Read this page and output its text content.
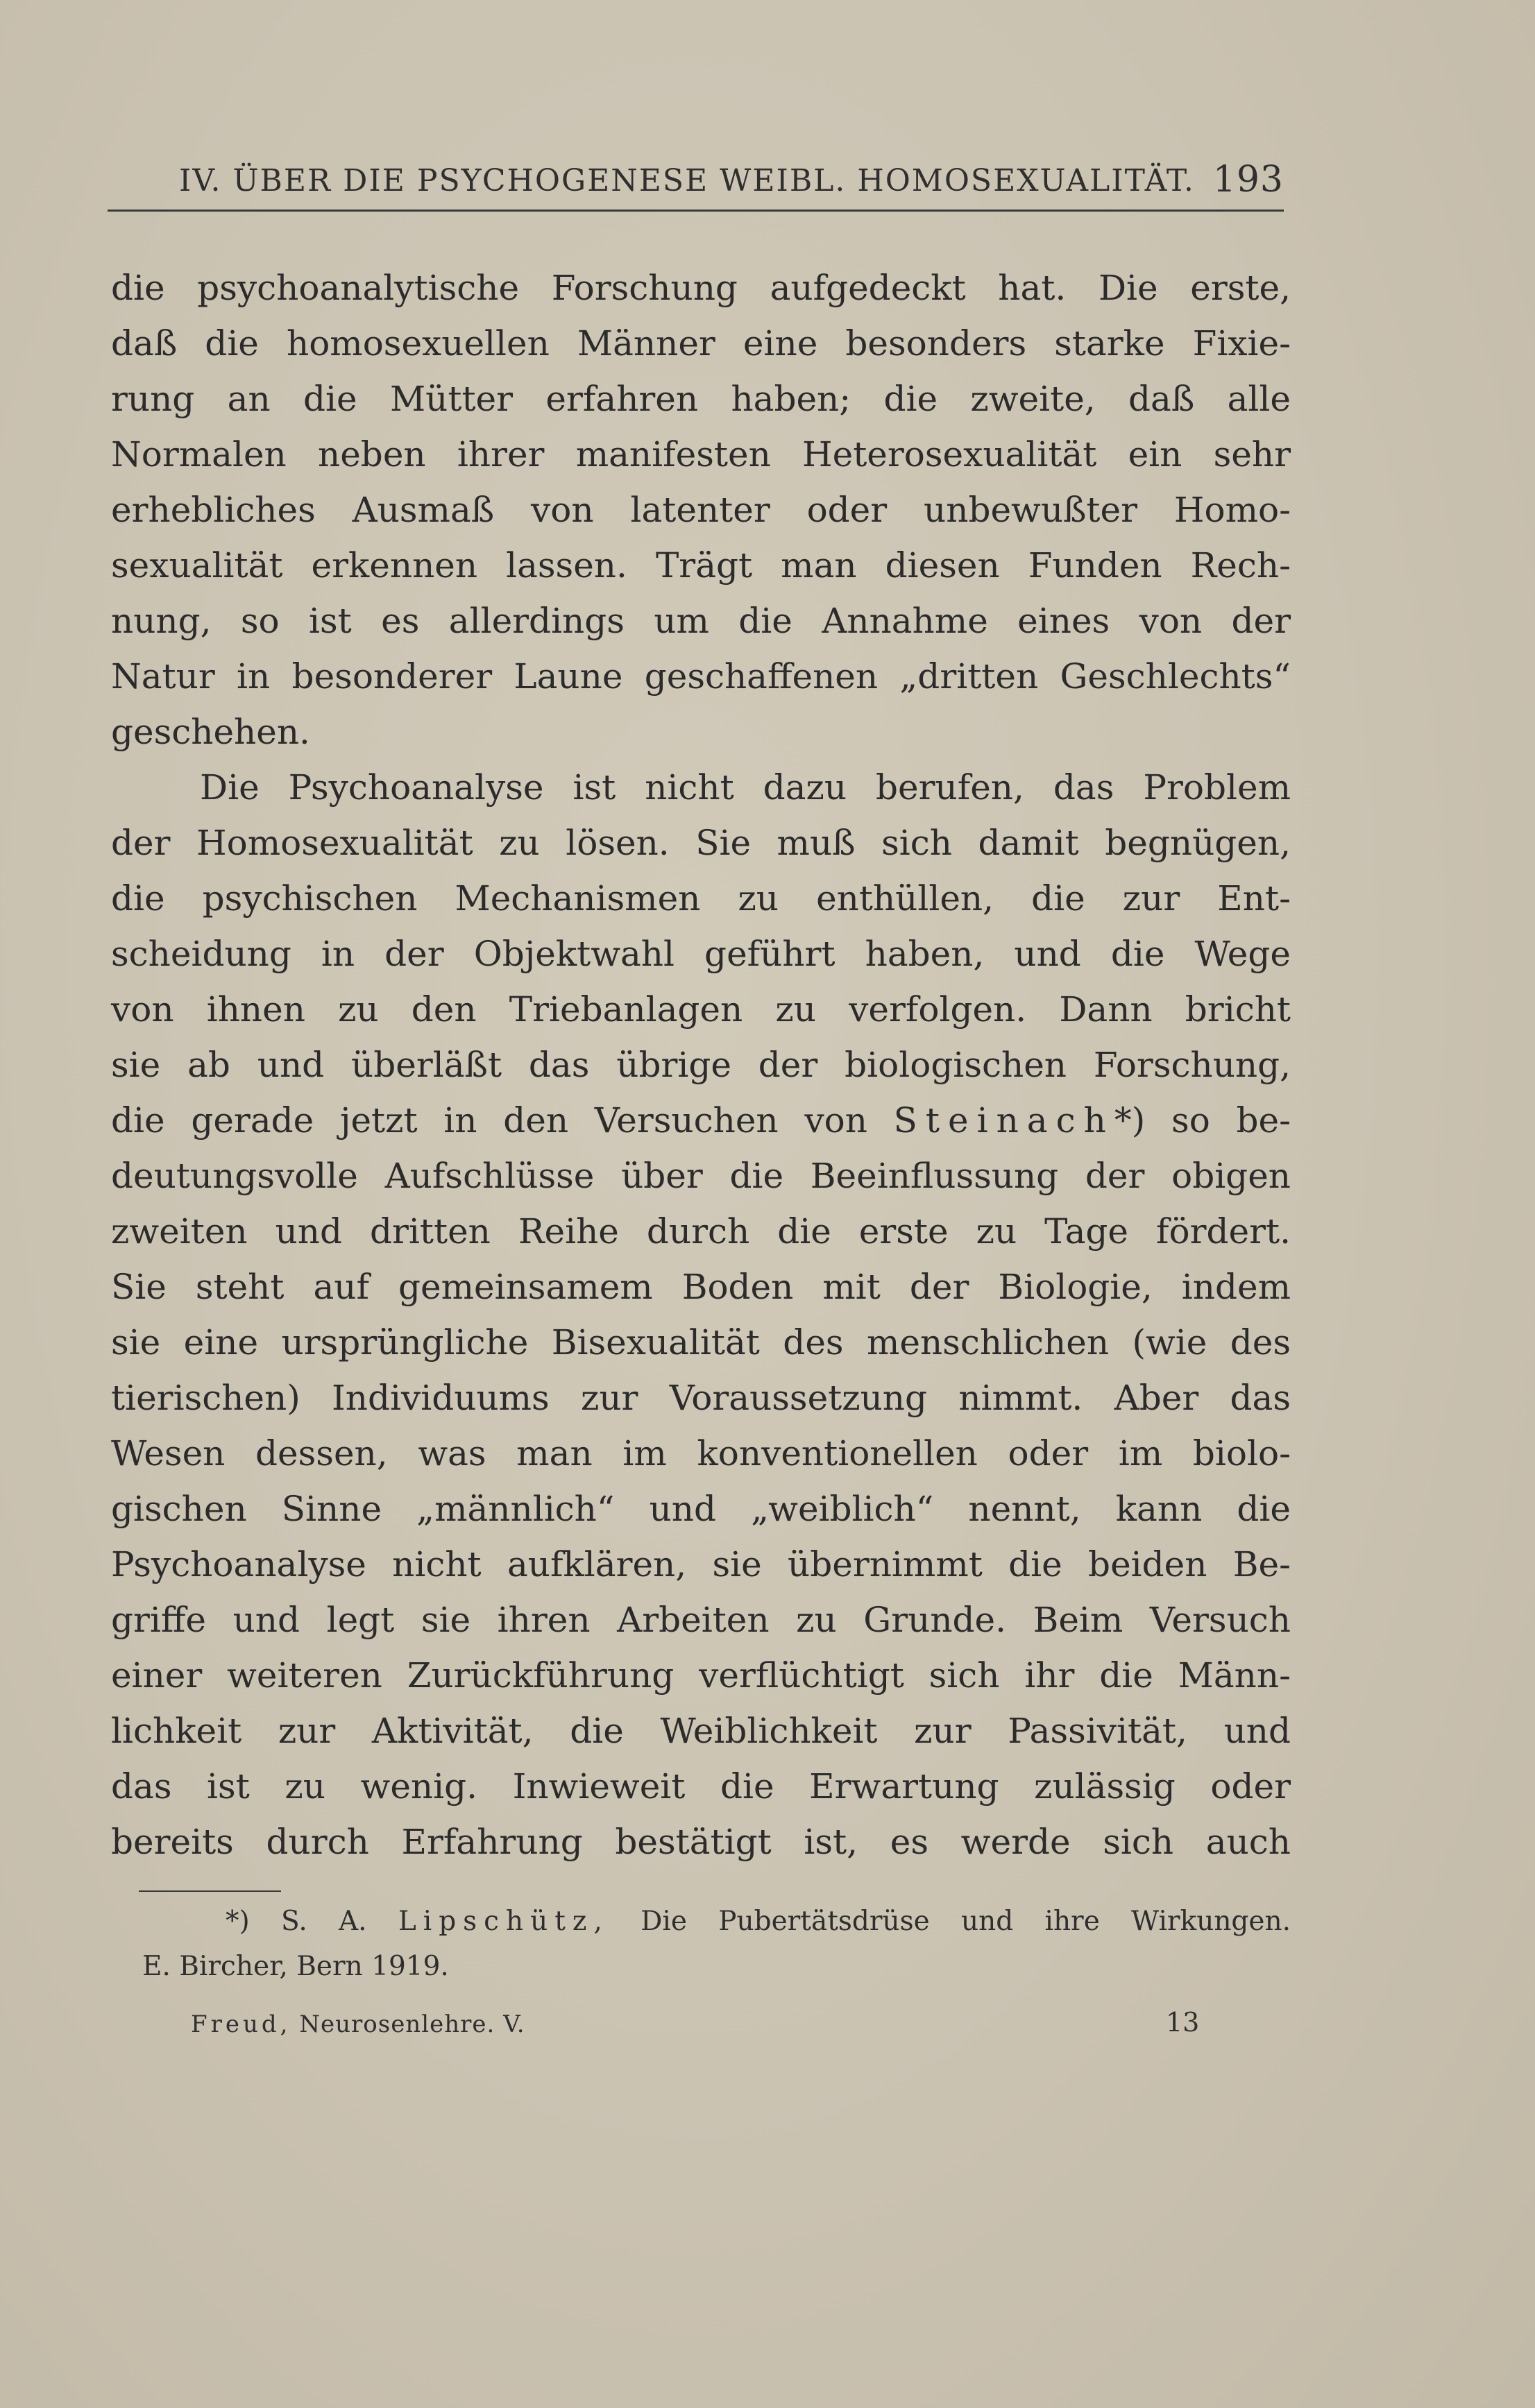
IV. ÜBER DIE PSYCHOGENESE WEIBL. HOMOSEXUALITÄT. 193
die psychoanalytische Forschung aufgedeckt hat. Die erste,
daß die homosexuellen Männer eine besonders starke Fixie-
rung an die Mütter erfahren haben; die zweite, daß alle
Normalen neben ihrer manifesten Heterosexualität ein sehr
erhebliches Ausmaß von latenter oder unbewußter Homo-
sexualität erkennen lassen. Trägt man diesen Funden Rech-
nung, so ist es allerdings um die Annahme eines von der
Natur in besonderer Laune geschaffenen „dritten Geschlechts“
geschehen.
Die Psychoanalyse ist nicht dazu berufen, das Problem
der Homosexualität zu lösen. Sie muß sich damit begnügen,
die psychischen Mechanismen zu enthüllen, die zur Ent-
scheidung in der Objektwahl geführt haben, und die Wege
von ihnen zu den Triebanlagen zu verfolgen. Dann bricht
sie ab und überläßt das übrige der biologischen Forschung,
die gerade jetzt in den Versuchen von Steinach*) so be-
deutungsvolle Aufschlüsse über die Beeinflussung der obigen
zweiten und dritten Reihe durch die erste zu Tage fördert.
Sie steht auf gemeinsamem Boden mit der Biologie, indem
sie eine ursprüngliche Bisexualität des menschlichen (wie des
tierischen) Individuums zur Voraussetzung nimmt. Aber das
Wesen dessen, was man im konventionellen oder im biolo-
gischen Sinne „männlich“ und „weiblich“ nennt, kann die
Psychoanalyse nicht aufklären, sie übernimmt die beiden Be-
griffe und legt sie ihren Arbeiten zu Grunde. Beim Versuch
einer weiteren Zurückführung verflüchtigt sich ihr die Männ-
lichkeit zur Aktivität, die Weiblichkeit zur Passivität, und
das ist zu wenig. Inwieweit die Erwartung zulässig oder
bereits durch Erfahrung bestätigt ist, es werde sich auch
*) S. A. Lipschütz, Die Pubertätsdrüse und ihre Wirkungen.
E. Bircher, Bern 1919.
Freud, Neurosenlehre. V.	13
